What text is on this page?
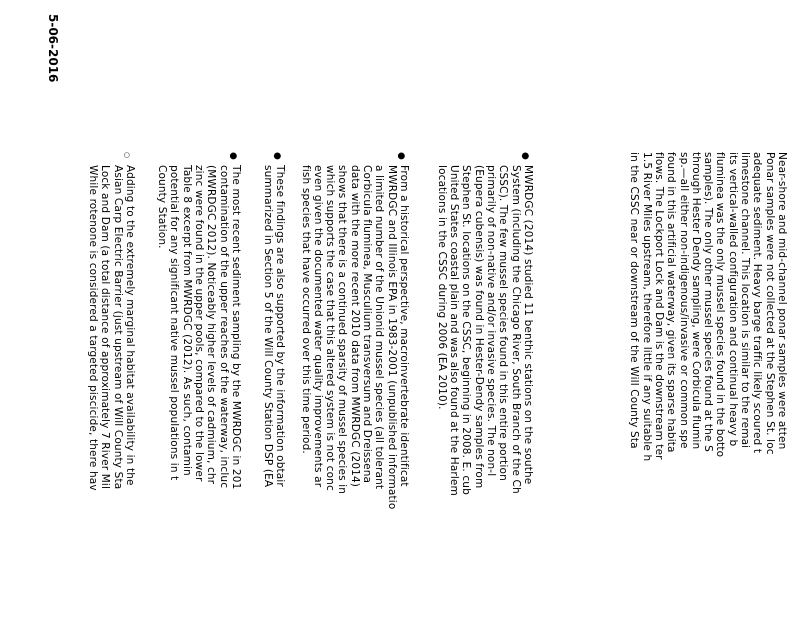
Near-shore and mid-channel ponar samples were atten
Ponar samples were not collected at the Stephen St. loc
adequate sediment. Heavy barge traffic likely scoured t
limestone channel. This location is similar to the remai
its vertical-walled configuration and continual heavy b
fluminea was the only mussel species found in the botto
samples). The only other mussel species found at the S
through Hester Dendy sampling, were Corbicula flumin
sp.—all either non-indigenous/invasive or common spe
found in this artificial waterway, given its sparse habita
flows. The Lockport Lock and Dam is the downstream ter
1.5 River Miles upstream, therefore little if any suitable h
in the CSSC near or downstream of the Will County Sta
●
MWRDGC (2014) studied 11 benthic stations on the southe
System (including the Chicago River, South Branch of the Ch
CSSC). The few mussel species found in this entire portion
primarily of non-native and/or invasive species. The non-l
(Eupera cubensis) was found in Hester-Dendy samples from
Stephen St. locations on the CSSC, beginning in 2008. E. cub
United States coastal plain and was also found at the Harlem
locations in the CSSC during 2006 (EA 2010).
●
From a historical perspective, macroinvertebrate identificat
MWRDGC and Illinois EPA in 1983-2001 (unpublished informatio
a limited number of the Unionid mussel species (all tolerant
Corbicula fluminea, Musculium transversum and Dreissena
data with the more recent 2010 data from MWRDGC (2014)
shows that there is a continued sparsity of mussel species in
which supports the case that this altered system is not conc
even given the documented water quality improvements ar
fish species that have occurred over this time period.
●
These findings are also supported by the information obtair
summarized in Section 5 of the Will County Station DSP (EA
●
The most recent sediment sampling by the MWRDGC in 201
contamination of the upper reaches of the waterway, incluc
(MWRDGC 2012). Noticeably higher levels of cadmium, chr
zinc were found in the upper pools, compared to the lower
Table 8 excerpt from MWRDGC (2012). As such, contamin
potential for any significant native mussel populations in t
County Station.
○
Adding to the extremely marginal habitat availability in the
Asian Carp Electric Barrier (just upstream of Will County Sta
Lock and Dam (a total distance of approximately 7 River Mil
While rotenone is considered a targeted piscicide, there hav
5-06-2016
